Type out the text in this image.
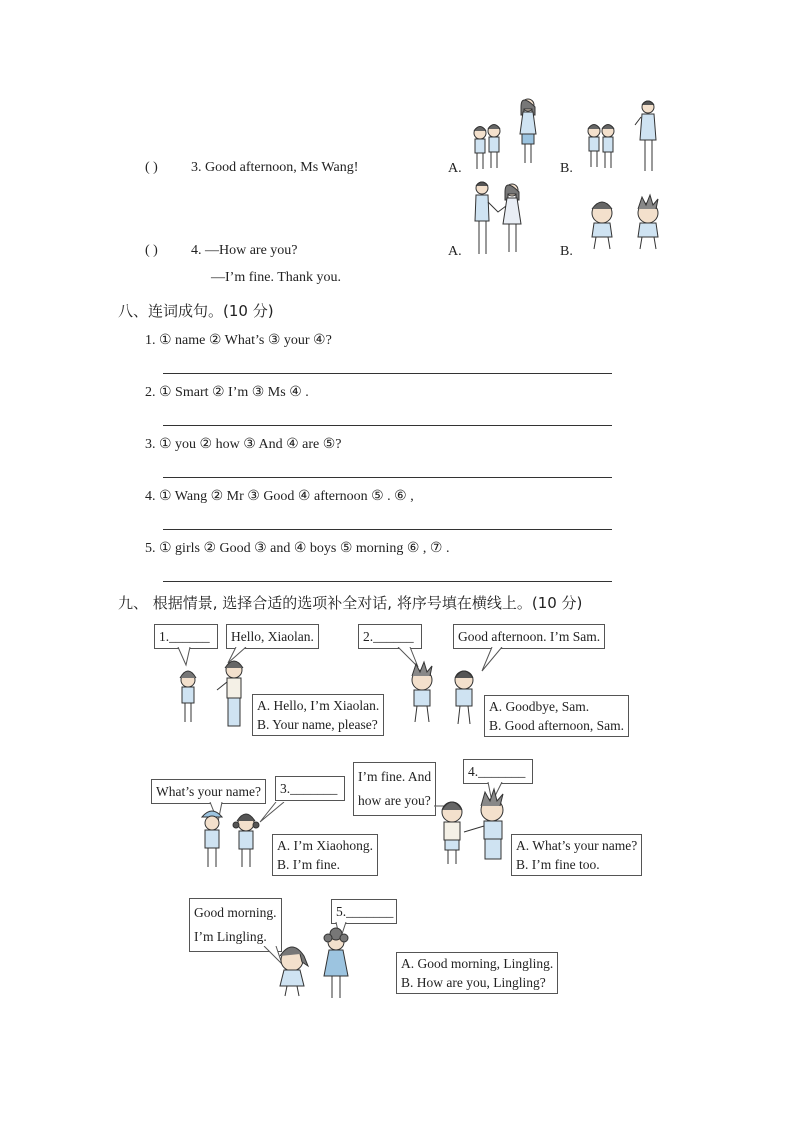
( ) 3. Good afternoon, Ms Wang!	A.	B.
( ) 4. —How are you?
—I’m fine. Thank you.
A.	B.
八、连词成句。(10 分)
1. ① name ② What’s ③ your ④?
2. ① Smart ② I’m ③ Ms ④ .
3. ① you ② how ③ And ④ are ⑤?
4. ① Wang ② Mr ③ Good ④ afternoon ⑤ . ⑥ ,
5. ① girls ② Good ③ and ④ boys ⑤ morning ⑥ , ⑦ .
九、 根据情景, 选择合适的选项补全对话, 将序号填在横线上。(10 分)
1.______	Hello, Xiaolan.
A. Hello, I’m Xiaolan.
B. Your name, please?
2.______	Good afternoon. I’m Sam.
A. Goodbye, Sam.
B. Good afternoon, Sam.
What’s your name?	3._______
A. I’m Xiaohong.
B. I’m fine.
I’m fine. And
how are you?
4._______
A. What’s your name?
B. I’m fine too.
Good morning.
I’m Lingling.
5._______
A. Good morning, Lingling.
B. How are you, Lingling?
